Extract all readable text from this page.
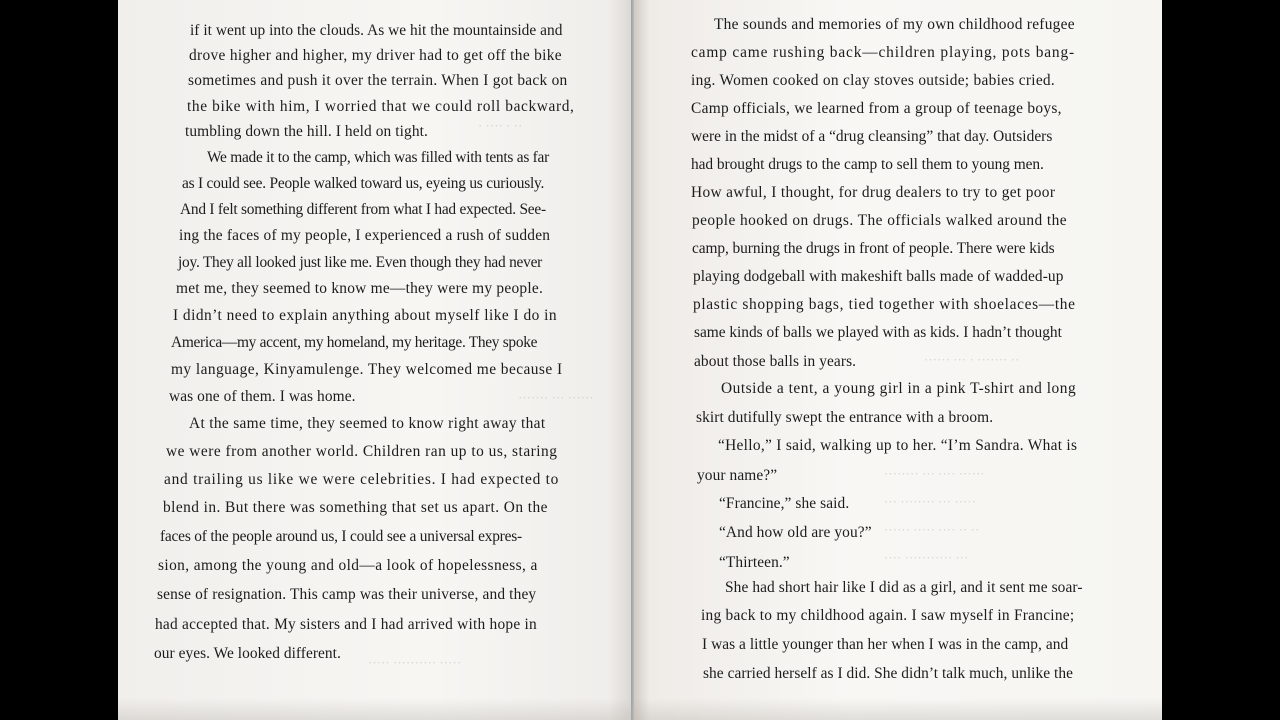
if it went up into the clouds. As we hit the mountainside and

drove higher and higher, my driver had to get off the bike

sometimes and push it over the terrain. When I got back on

the bike with him, I worried that we could roll backward,

tumbling down the hill. I held on tight.

We made it to the camp, which was filled with tents as far

as I could see. People walked toward us, eyeing us curiously.

And I felt something different from what I had expected. See-

ing the faces of my people, I experienced a rush of sudden

joy. They all looked just like me. Even though they had never

met me, they seemed to know me—they were my people.

I didn’t need to explain anything about myself like I do in

America—my accent, my homeland, my heritage. They spoke

my language, Kinyamulenge. They welcomed me because I

was one of them. I was home.

At the same time, they seemed to know right away that

we were from another world. Children ran up to us, staring

and trailing us like we were celebrities. I had expected to

blend in. But there was something that set us apart. On the

faces of the people around us, I could see a universal expres-

sion, among the young and old—a look of hopelessness, a

sense of resignation. This camp was their universe, and they

had accepted that. My sisters and I had arrived with hope in

our eyes. We looked different.

·· · ···· ·
······ ··· ·······
····· ·········· ·····

The sounds and memories of my own childhood refugee

camp came rushing back—children playing, pots bang-

ing. Women cooked on clay stoves outside; babies cried.

Camp officials, we learned from a group of teenage boys,

were in the midst of a “drug cleansing” that day. Outsiders

had brought drugs to the camp to sell them to young men.

How awful, I thought, for drug dealers to try to get poor

people hooked on drugs. The officials walked around the

camp, burning the drugs in front of people. There were kids

playing dodgeball with makeshift balls made of wadded-up

plastic shopping bags, tied together with shoelaces—the

same kinds of balls we played with as kids. I hadn’t thought

about those balls in years.

Outside a tent, a young girl in a pink T-shirt and long

skirt dutifully swept the entrance with a broom.

“Hello,” I said, walking up to her. “I’m Sandra. What is

your name?”

“Francine,” she said.

“And how old are you?”

“Thirteen.”

She had short hair like I did as a girl, and it sent me soar-

ing back to my childhood again. I saw myself in Francine;

I was a little younger than her when I was in the camp, and

she carried herself as I did. She didn’t talk much, unlike the

·· ······· · ··· ······
······ ···· ··· ········
····· ··· ········ ···
·· ·· ···· ····· ······
··· ··········· ····
